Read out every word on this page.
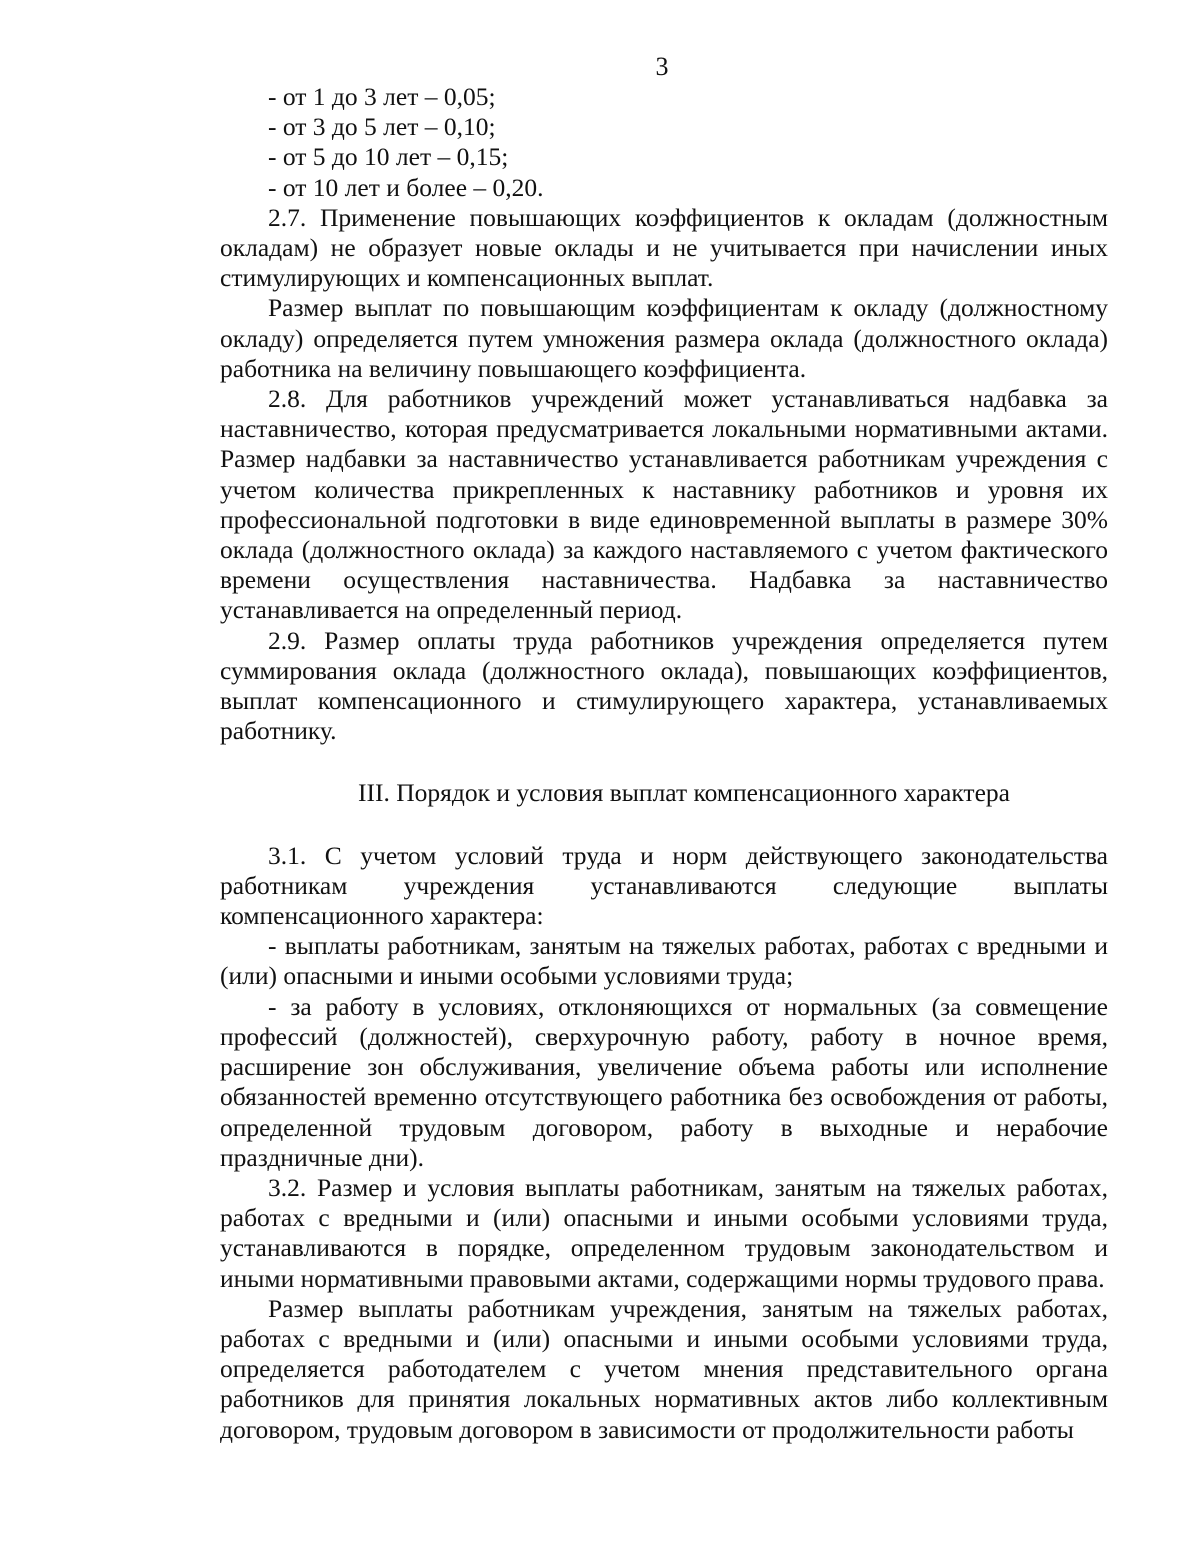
3

- от 1 до 3 лет – 0,05;

- от 3 до 5 лет – 0,10;

- от 5 до 10 лет – 0,15;

- от 10 лет и более – 0,20.

2.7. Применение повышающих коэффициентов к окладам (должностным окладам) не образует новые оклады и не учитывается при начислении иных стимулирующих и компенсационных выплат.

Размер выплат по повышающим коэффициентам к окладу (должностному окладу) определяется путем умножения размера оклада (должностного оклада) работника на величину повышающего коэффициента.

2.8. Для работников учреждений может устанавливаться надбавка за наставничество, которая предусматривается локальными нормативными актами. Размер надбавки за наставничество устанавливается работникам учреждения с учетом количества прикрепленных к наставнику работников и уровня их профессиональной подготовки в виде единовременной выплаты в размере 30% оклада (должностного оклада) за каждого наставляемого с учетом фактического времени осуществления наставничества. Надбавка за наставничество устанавливается на определенный период.

2.9. Размер оплаты труда работников учреждения определяется путем суммирования оклада (должностного оклада), повышающих коэффициентов, выплат компенсационного и стимулирующего характера, устанавливаемых работнику.

III. Порядок и условия выплат компенсационного характера

3.1. С учетом условий труда и норм действующего законодательства работникам учреждения устанавливаются следующие выплаты компенсационного характера:

- выплаты работникам, занятым на тяжелых работах, работах с вредными и (или) опасными и иными особыми условиями труда;

- за работу в условиях, отклоняющихся от нормальных (за совмещение профессий (должностей), сверхурочную работу, работу в ночное время, расширение зон обслуживания, увеличение объема работы или исполнение обязанностей временно отсутствующего работника без освобождения от работы, определенной трудовым договором, работу в выходные и нерабочие праздничные дни).

3.2. Размер и условия выплаты работникам, занятым на тяжелых работах, работах с вредными и (или) опасными и иными особыми условиями труда, устанавливаются в порядке, определенном трудовым законодательством и иными нормативными правовыми актами, содержащими нормы трудового права.

Размер выплаты работникам учреждения, занятым на тяжелых работах, работах с вредными и (или) опасными и иными особыми условиями труда, определяется работодателем с учетом мнения представительного органа работников для принятия локальных нормативных актов либо коллективным договором, трудовым договором в зависимости от продолжительности работы
